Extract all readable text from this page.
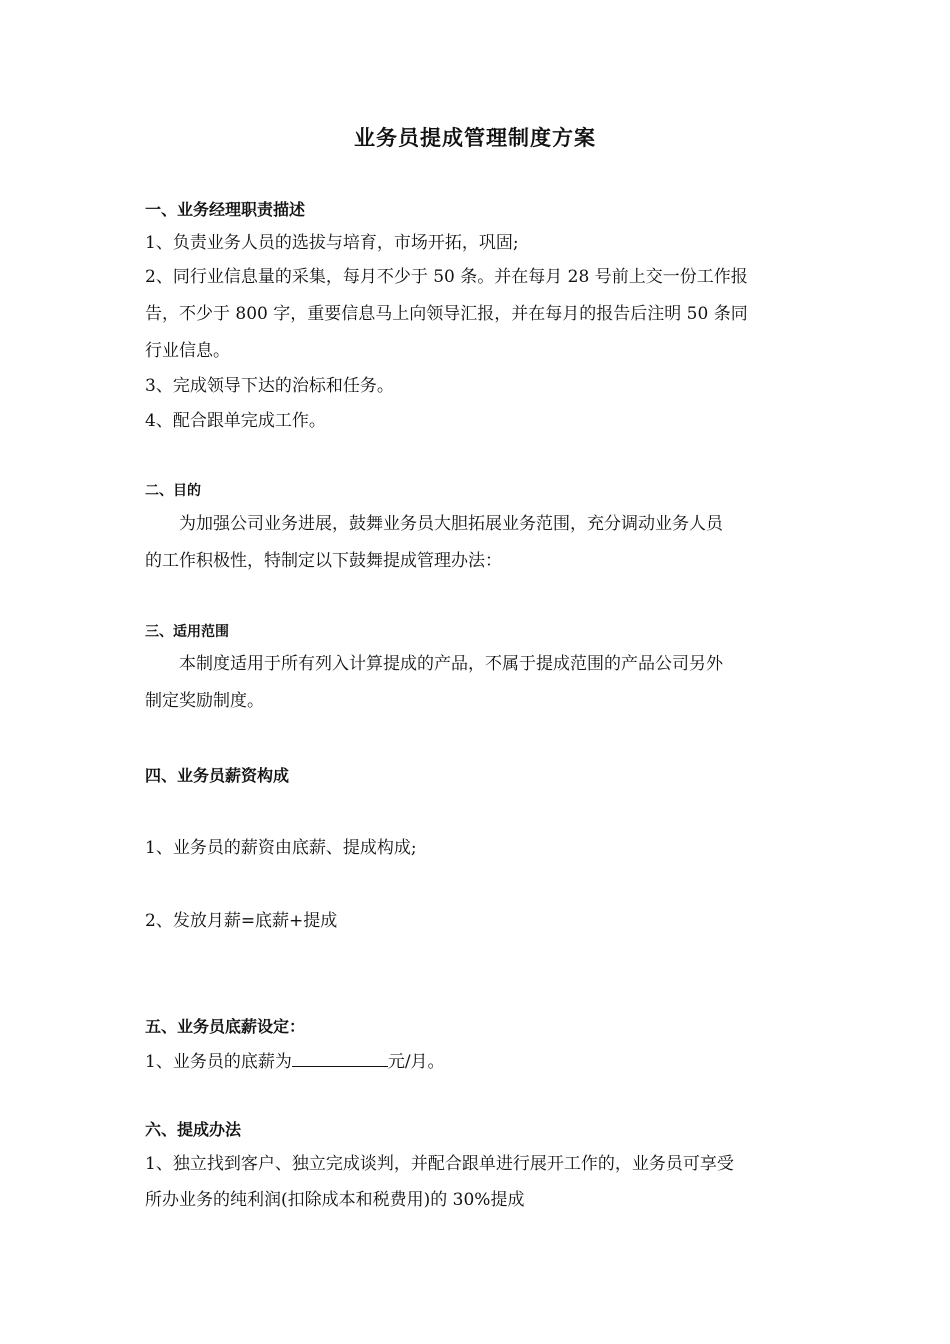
业务员提成管理制度方案
一、业务经理职责描述
1、负责业务人员的选拔与培育，市场开拓，巩固;
2、同行业信息量的采集，每月不少于 50 条。并在每月 28 号前上交一份工作报
告，不少于 800 字，重要信息马上向领导汇报，并在每月的报告后注明 50 条同
行业信息。
3、完成领导下达的治标和任务。
4、配合跟单完成工作。
二、目的
为加强公司业务进展，鼓舞业务员大胆拓展业务范围，充分调动业务人员
的工作积极性，特制定以下鼓舞提成管理办法：
三、适用范围
本制度适用于所有列入计算提成的产品，不属于提成范围的产品公司另外
制定奖励制度。
四、业务员薪资构成
1、业务员的薪资由底薪、提成构成;
2、发放月薪=底薪+提成
五、业务员底薪设定：
1、业务员的底薪为	元/月。
六、提成办法
1、独立找到客户、独立完成谈判，并配合跟单进行展开工作的，业务员可享受
所办业务的纯利润(扣除成本和税费用)的 30%提成
